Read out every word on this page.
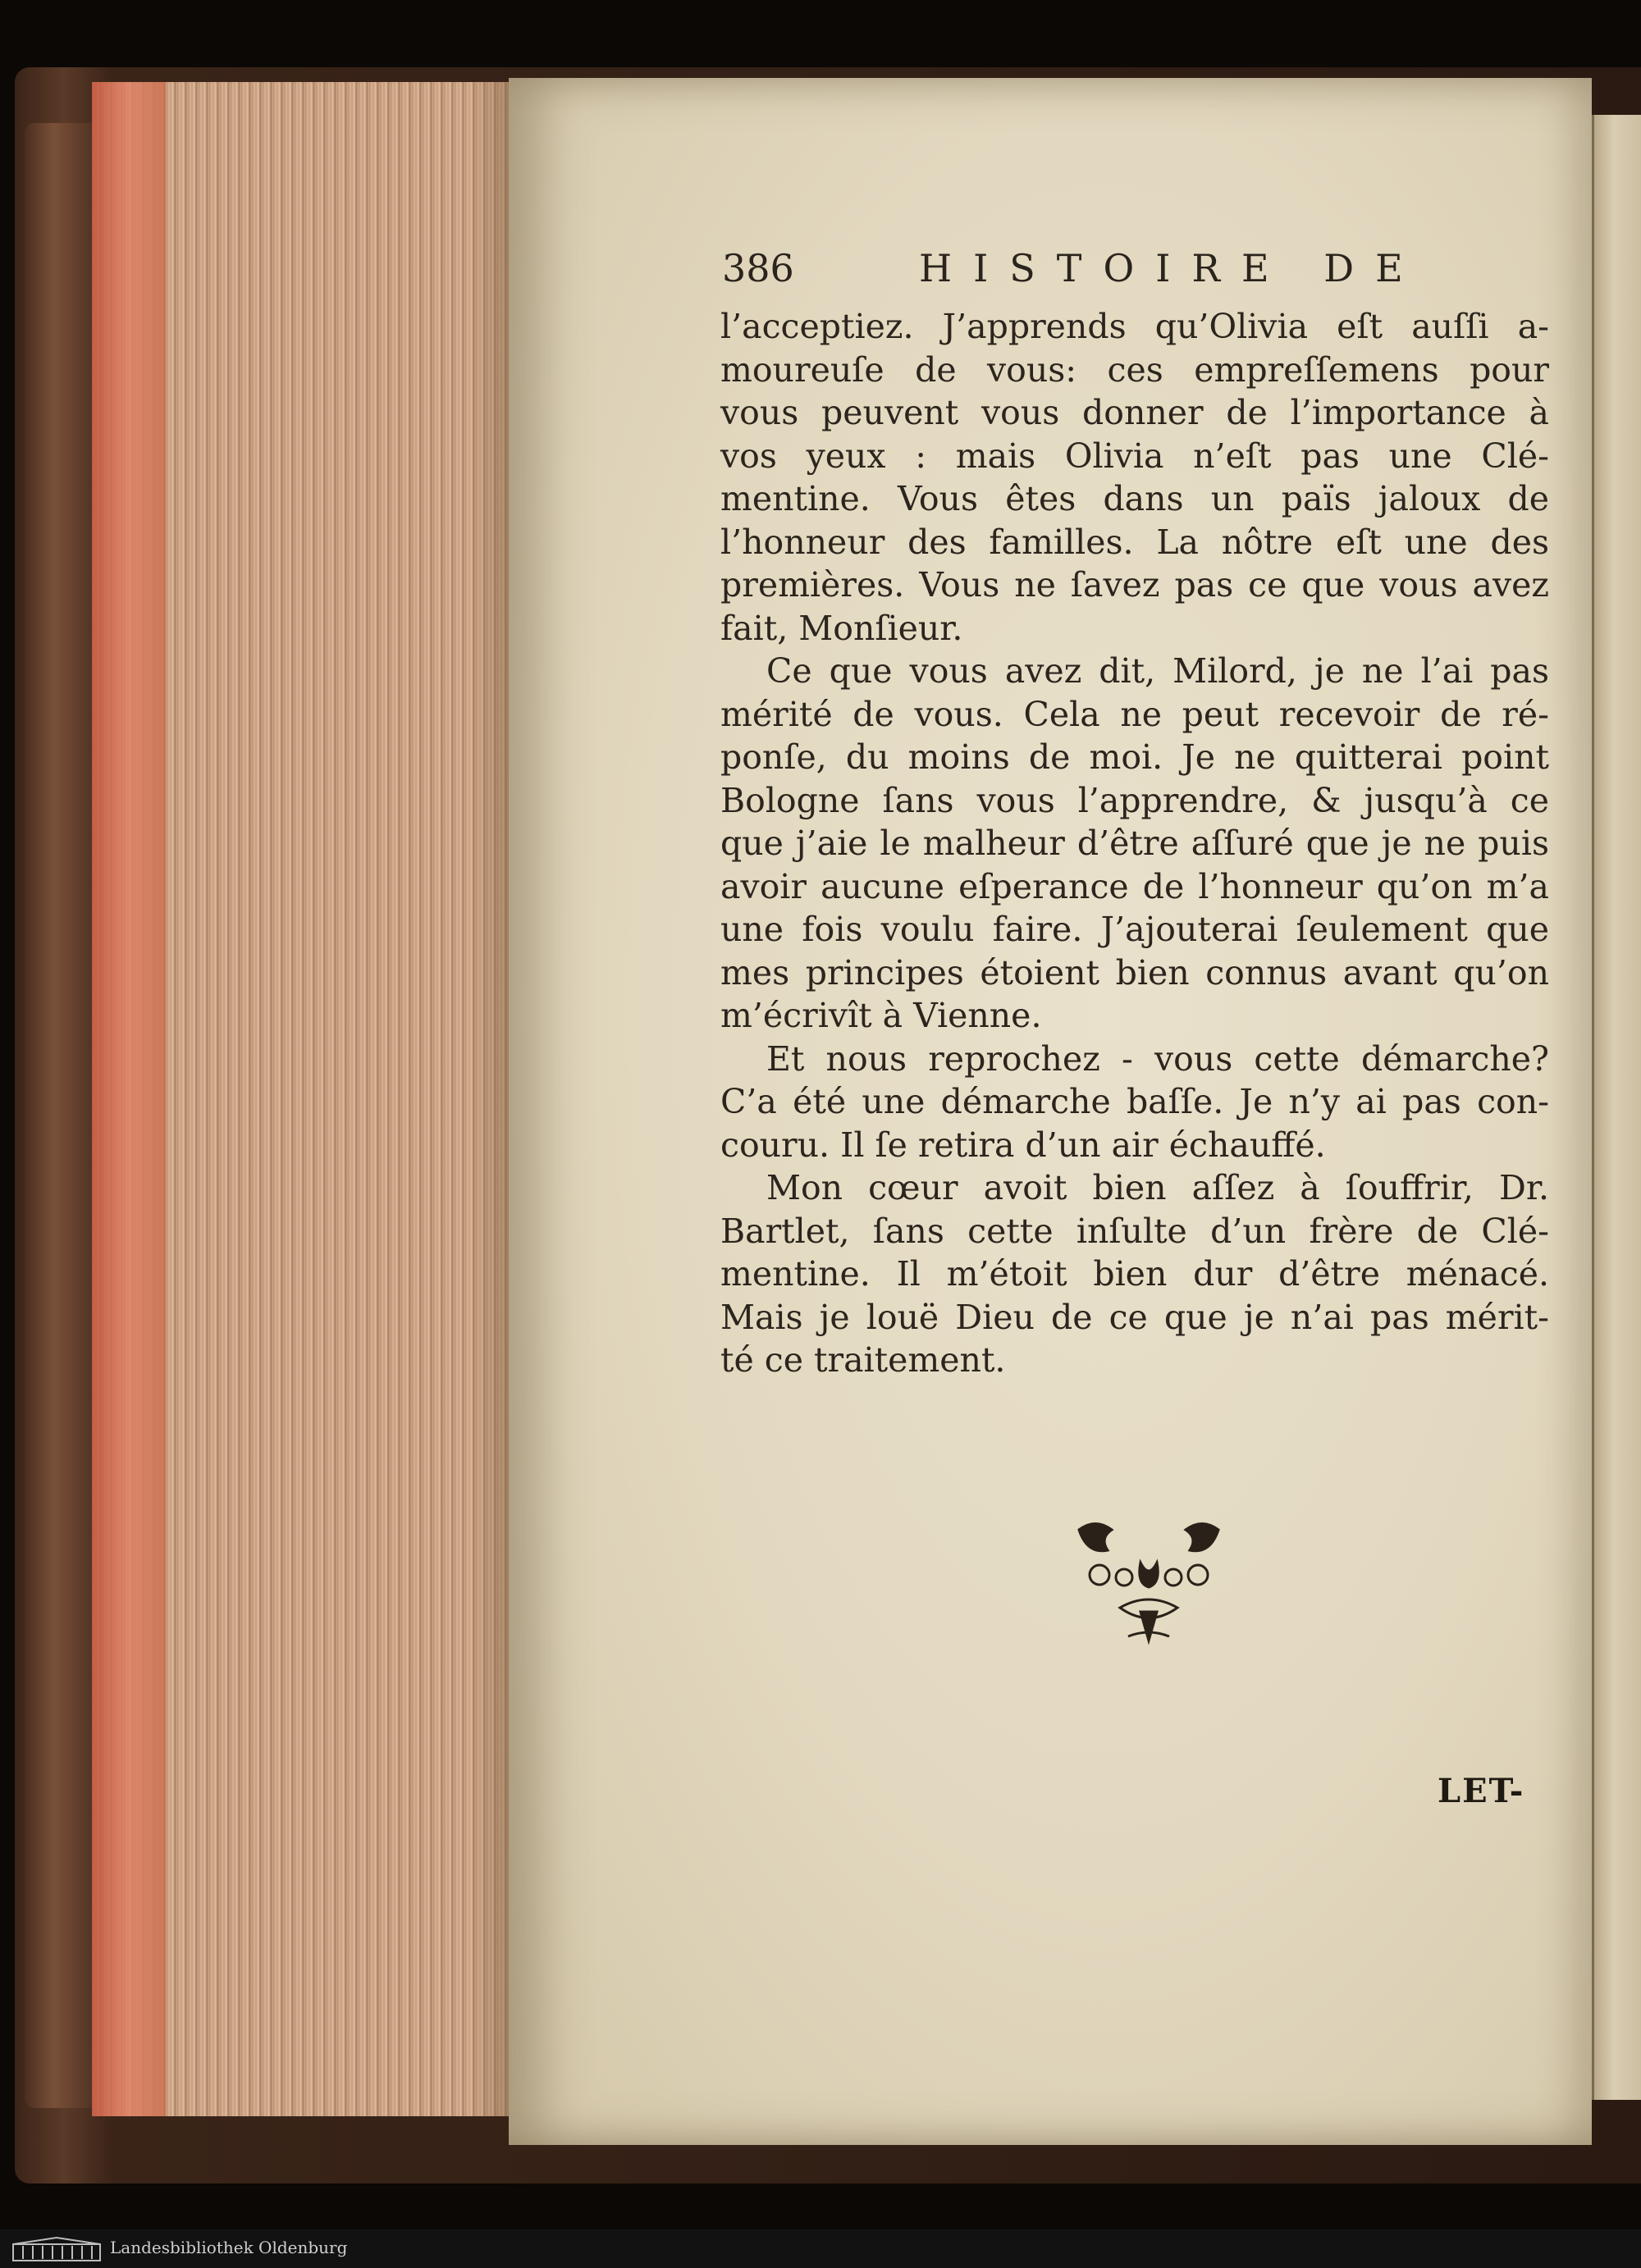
386	HISTOIRE DE
l’acceptiez. J’apprends qu’Olivia eſt auſſi a-
moureuſe de vous: ces empreſſemens pour
vous peuvent vous donner de l’importance à
vos yeux : mais Olivia n’eſt pas une Clé-
mentine. Vous êtes dans un païs jaloux de
l’honneur des familles. La nôtre eſt une des
premières. Vous ne ſavez pas ce que vous avez
fait, Monſieur.
Ce que vous avez dit, Milord, je ne l’ai pas
mérité de vous. Cela ne peut recevoir de ré-
ponſe, du moins de moi. Je ne quitterai point
Bologne ſans vous l’apprendre, & jusqu’à ce
que j’aie le malheur d’être aſſuré que je ne puis
avoir aucune eſperance de l’honneur qu’on m’a
une fois voulu faire. J’ajouterai ſeulement que
mes principes étoient bien connus avant qu’on
m’écrivît à Vienne.
Et nous reprochez - vous cette démarche?
C’a été une démarche baſſe. Je n’y ai pas con-
couru. Il ſe retira d’un air échauffé.
Mon cœur avoit bien aſſez à ſouffrir, Dr.
Bartlet, ſans cette inſulte d’un frère de Clé-
mentine. Il m’étoit bien dur d’être ménacé.
Mais je louë Dieu de ce que je n’ai pas mérit-
té ce traitement.
LET-
Landesbibliothek Oldenburg
